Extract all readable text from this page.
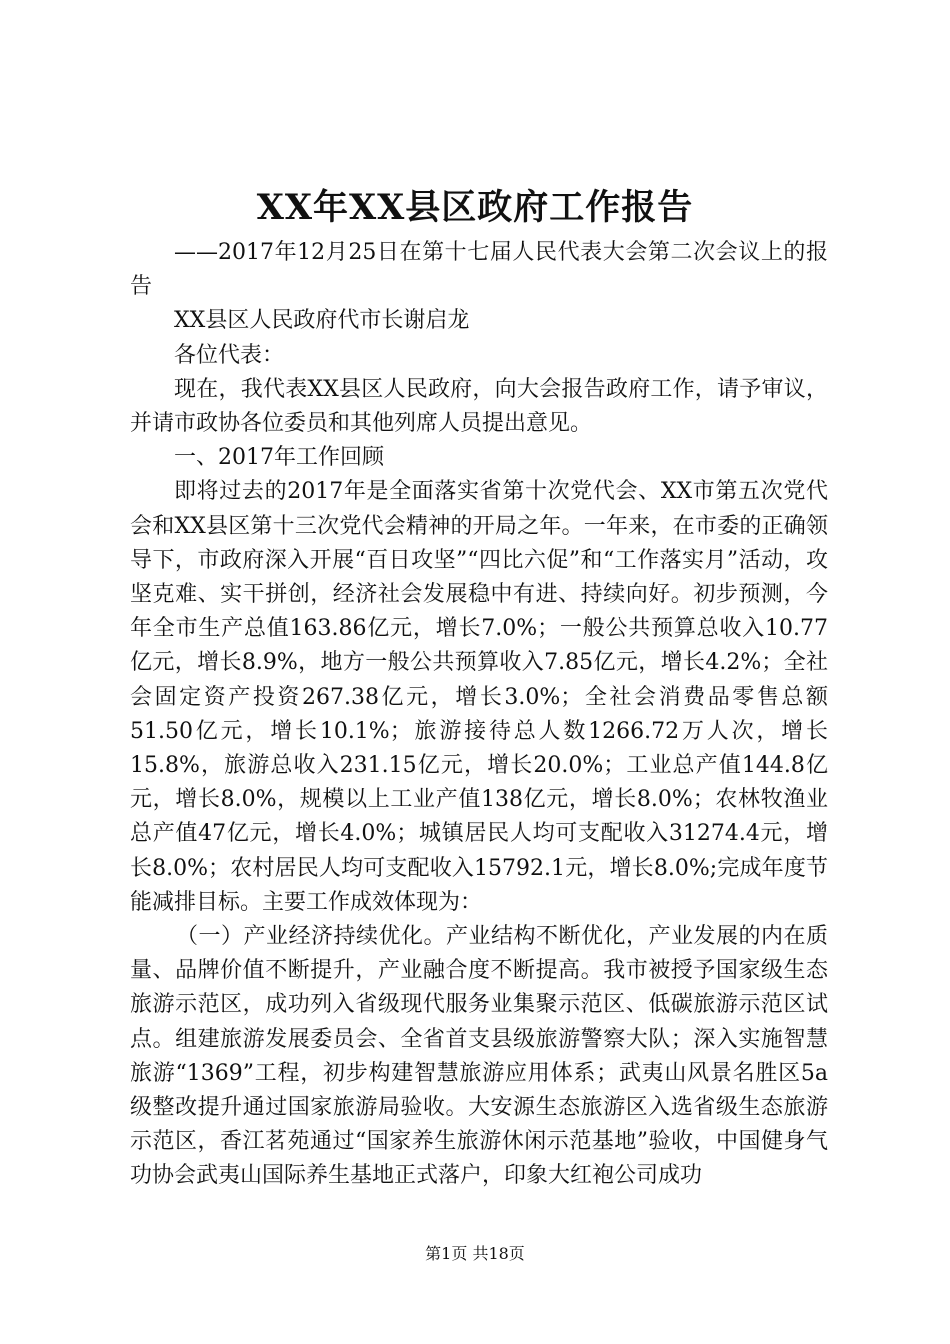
XX年XX县区政府工作报告

——2017年12月25日在第十七届人民代表大会第二次会议上的报告

XX县区人民政府代市长谢启龙

各位代表：

现在，我代表XX县区人民政府，向大会报告政府工作，请予审议，并请市政协各位委员和其他列席人员提出意见。

一、2017年工作回顾

即将过去的2017年是全面落实省第十次党代会、XX市第五次党代会和XX县区第十三次党代会精神的开局之年。一年来，在市委的正确领导下，市政府深入开展“百日攻坚”“四比六促”和“工作落实月”活动，攻坚克难、实干拼创，经济社会发展稳中有进、持续向好。初步预测，今年全市生产总值163.86亿元，增长7.0%；一般公共预算总收入10.77亿元，增长8.9%，地方一般公共预算收入7.85亿元，增长4.2%；全社会固定资产投资267.38亿元，增长3.0%；全社会消费品零售总额51.50亿元，增长10.1%；旅游接待总人数1266.72万人次，增长15.8%，旅游总收入231.15亿元，增长20.0%；工业总产值144.8亿元，增长8.0%，规模以上工业产值138亿元，增长8.0%；农林牧渔业总产值47亿元，增长4.0%；城镇居民人均可支配收入31274.4元，增长8.0%；农村居民人均可支配收入15792.1元，增长8.0%;完成年度节能减排目标。主要工作成效体现为：

（一）产业经济持续优化。产业结构不断优化，产业发展的内在质量、品牌价值不断提升，产业融合度不断提高。我市被授予国家级生态旅游示范区，成功列入省级现代服务业集聚示范区、低碳旅游示范区试点。组建旅游发展委员会、全省首支县级旅游警察大队；深入实施智慧旅游“1369”工程，初步构建智慧旅游应用体系；武夷山风景名胜区5a级整改提升通过国家旅游局验收。大安源生态旅游区入选省级生态旅游示范区，香江茗苑通过“国家养生旅游休闲示范基地”验收，中国健身气功协会武夷山国际养生基地正式落户，印象大红袍公司成功

第1页 共18页
